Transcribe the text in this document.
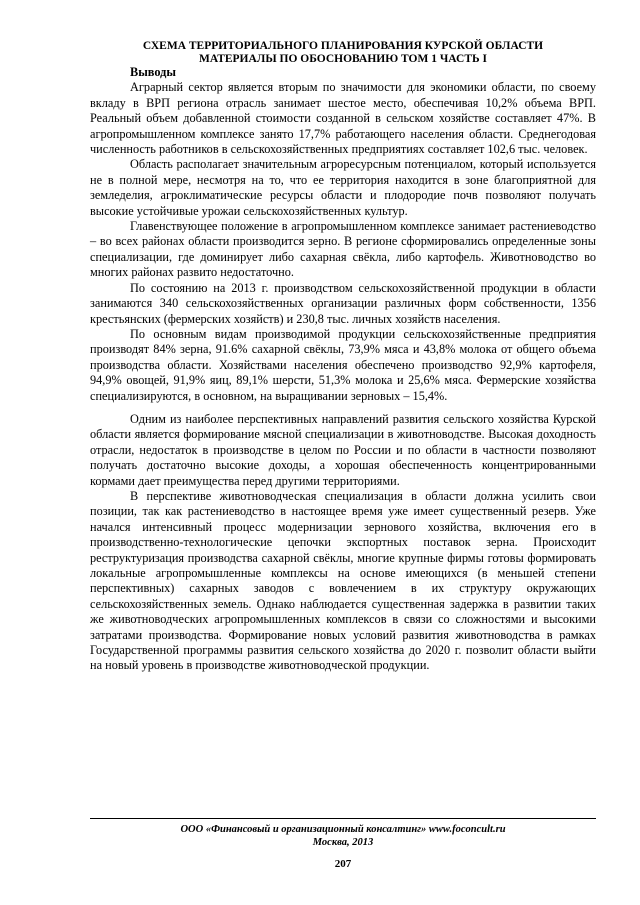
СХЕМА ТЕРРИТОРИАЛЬНОГО ПЛАНИРОВАНИЯ КУРСКОЙ ОБЛАСТИ
МАТЕРИАЛЫ ПО ОБОСНОВАНИЮ ТОМ 1 ЧАСТЬ I

Выводы

Аграрный сектор является вторым по значимости для экономики области, по своему вкладу в ВРП региона отрасль занимает шестое место, обеспечивая 10,2% объема ВРП. Реальный объем добавленной стоимости созданной в сельском хозяйстве составляет 47%. В агропромышленном комплексе занято 17,7% работающего населения области. Среднегодовая численность работников в сельскохозяйственных предприятиях составляет 102,6 тыс. человек.

Область располагает значительным агроресурсным потенциалом, который используется не в полной мере, несмотря на то, что ее территория находится в зоне благоприятной для земледелия, агроклиматические ресурсы области и плодородие почв позволяют получать высокие устойчивые урожаи сельскохозяйственных культур.

Главенствующее положение в агропромышленном комплексе занимает растениеводство – во всех районах области производится зерно. В регионе сформировались определенные зоны специализации, где доминирует либо сахарная свёкла, либо картофель. Животноводство во многих районах развито недостаточно.

По состоянию на 2013 г. производством сельскохозяйственной продукции в области занимаются 340 сельскохозяйственных организации различных форм собственности, 1356 крестьянских (фермерских хозяйств) и 230,8 тыс. личных хозяйств населения.

По основным видам производимой продукции сельскохозяйственные предприятия производят 84% зерна, 91.6% сахарной свёклы, 73,9% мяса и 43,8% молока от общего объема производства области. Хозяйствами населения обеспечено производство 92,9% картофеля, 94,9% овощей, 91,9% яиц, 89,1% шерсти, 51,3% молока и 25,6% мяса. Фермерские хозяйства специализируются, в основном, на выращивании зерновых – 15,4%.

Одним из наиболее перспективных направлений развития сельского хозяйства Курской области является формирование мясной специализации в животноводстве. Высокая доходность отрасли, недостаток в производстве в целом по России и по области в частности позволяют получать достаточно высокие доходы, а хорошая обеспеченность концентрированными кормами дает преимущества перед другими территориями.

В перспективе животноводческая специализация в области должна усилить свои позиции, так как растениеводство в настоящее время уже имеет существенный резерв. Уже начался интенсивный процесс модернизации зернового хозяйства, включения его в производственно-технологические цепочки экспортных поставок зерна. Происходит реструктуризация производства сахарной свёклы, многие крупные фирмы готовы формировать локальные агропромышленные комплексы на основе имеющихся (в меньшей степени перспективных) сахарных заводов с вовлечением в их структуру окружающих сельскохозяйственных земель. Однако наблюдается существенная задержка в развитии таких же животноводческих агропромышленных комплексов в связи со сложностями и высокими затратами производства. Формирование новых условий развития животноводства в рамках Государственной программы развития сельского хозяйства до 2020 г. позволит области выйти на новый уровень в производстве животноводческой продукции.

ООО «Финансовый и организационный консалтинг» www.foconcult.ru
Москва, 2013
207
